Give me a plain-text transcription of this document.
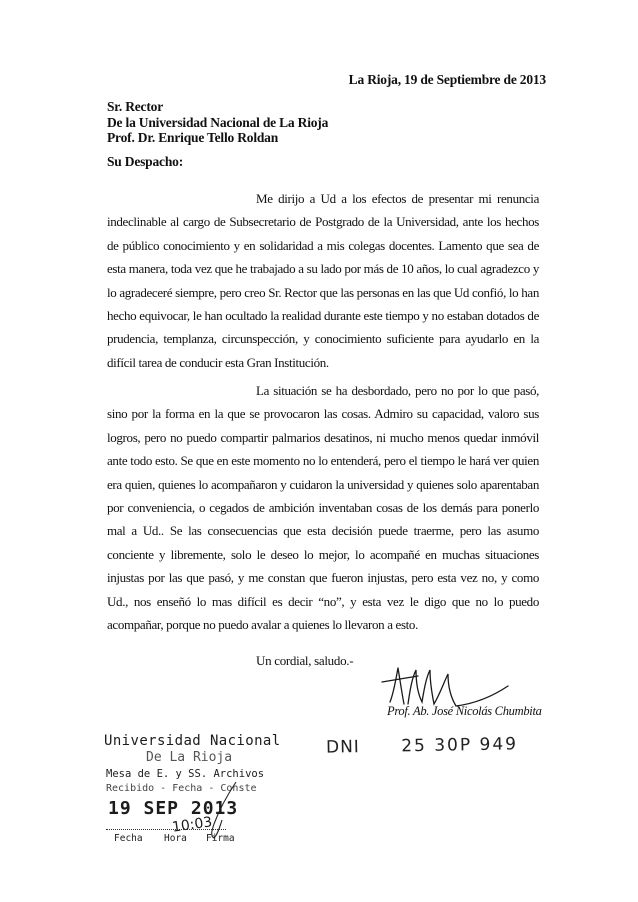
La Rioja, 19 de Septiembre de 2013
Sr. Rector
De la Universidad Nacional de La Rioja
Prof. Dr. Enrique Tello Roldan
Su Despacho:
Me dirijo a Ud a los efectos de presentar mi renuncia indeclinable al cargo de Subsecretario de Postgrado de la Universidad, ante los hechos de público conocimiento y en solidaridad a mis colegas docentes. Lamento que sea de esta manera, toda vez que he trabajado a su lado por más de 10 años, lo cual agradezco y lo agradeceré siempre, pero creo Sr. Rector que las personas en las que Ud confió, lo han hecho equivocar, le han ocultado la realidad durante este tiempo y no estaban dotados de prudencia, templanza, circunspección, y conocimiento suficiente para ayudarlo en la difícil tarea de conducir esta Gran Institución.
La situación se ha desbordado, pero no por lo que pasó, sino por la forma en la que se provocaron las cosas. Admiro su capacidad, valoro sus logros, pero no puedo compartir palmarios desatinos, ni mucho menos quedar inmóvil ante todo esto. Se que en este momento no lo entenderá, pero el tiempo le hará ver quien era quien, quienes lo acompañaron y cuidaron la universidad y quienes solo aparentaban por conveniencia, o cegados de ambición inventaban cosas de los demás para ponerlo mal a Ud.. Se las consecuencias que esta decisión puede traerme, pero las asumo conciente y libremente, solo le deseo lo mejor, lo acompañé en muchas situaciones injustas por las que pasó, y me constan que fueron injustas, pero esta vez no, y como Ud., nos enseñó lo mas difícil es decir “no”, y esta vez le digo que no lo puedo acompañar, porque no puedo avalar a quienes lo llevaron a esto.
Un cordial, saludo.-
Prof. Ab. José Nicolás Chumbita
DNI 25 30P 949
Universidad Nacional
De La Rioja
Mesa de E. y SS. Archivos
Recibido - Fecha - Conste
19 SEP 2013
10:03
Fecha Hora Firma
